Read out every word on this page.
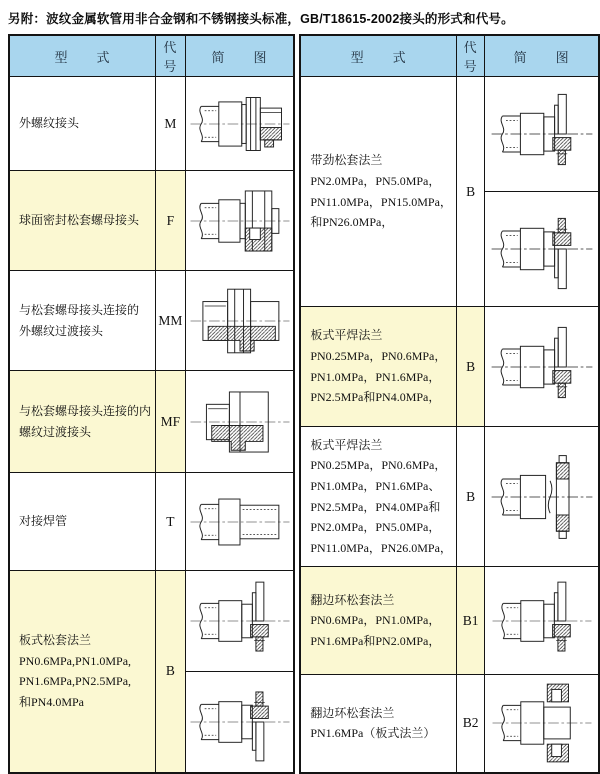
另附：波纹金属软管用非合金钢和不锈钢接头标准，GB/T18615-2002接头的形式和代号。
型　　式	代号	简　　图

外螺纹接头	M	

球面密封松套螺母接头	F	

与松套螺母接头连接的
外螺纹过渡接头	MM	

与松套螺母接头连接的内
螺纹过渡接头	MF	

对接焊管	T	

板式松套法兰
PN0.6MPa,PN1.0MPa,
PN1.6MPa,PN2.5MPa,
和PN4.0MPa	B	

型　　式	代号	简　　图

带劲松套法兰
PN2.0MPa，PN5.0MPa，
PN11.0MPa，PN15.0MPa，
和PN26.0MPa，	B	

板式平焊法兰
PN0.25MPa，PN0.6MPa，
PN1.0MPa，PN1.6MPa，
PN2.5MPa和PN4.0MPa，	B	

板式平焊法兰
PN0.25MPa，PN0.6MPa，
PN1.0MPa，PN1.6MPa、
PN2.5MPa，PN4.0MPa和
PN2.0MPa，PN5.0MPa，
PN11.0MPa，PN26.0MPa，
	B	

翻边环松套法兰
PN0.6MPa，PN1.0MPa，
PN1.6MPa和PN2.0MPa，	B1	

翻边环松套法兰
PN1.6MPa（板式法兰）	B2	
